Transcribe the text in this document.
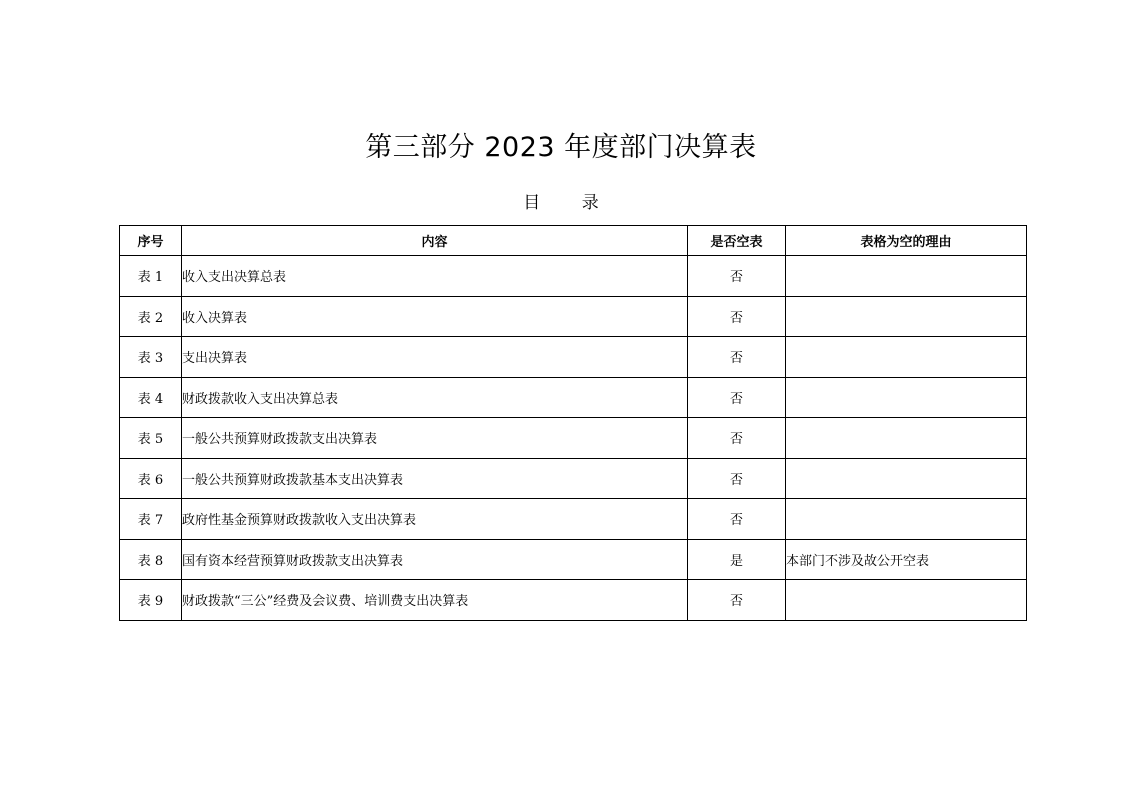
第三部分 2023 年度部门决算表
目 录
序号	内容	是否空表	表格为空的理由
表 1	收入支出决算总表	否	
表 2	收入决算表	否	
表 3	支出决算表	否	
表 4	财政拨款收入支出决算总表	否	
表 5	一般公共预算财政拨款支出决算表	否	
表 6	一般公共预算财政拨款基本支出决算表	否	
表 7	政府性基金预算财政拨款收入支出决算表	否	
表 8	国有资本经营预算财政拨款支出决算表	是	本部门不涉及故公开空表
表 9	财政拨款“三公”经费及会议费、培训费支出决算表	否	
